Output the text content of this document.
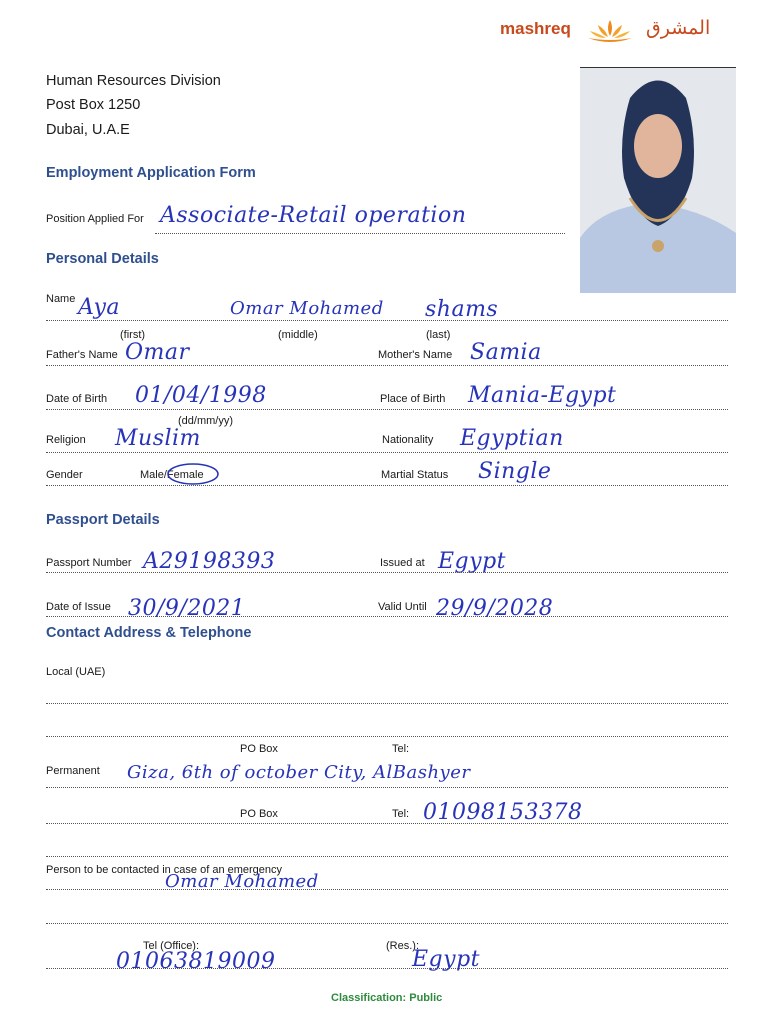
mashreq	المشرق
Human Resources Division
Post Box 1250
Dubai, U.A.E
Employment Application Form
Position Applied For Associate-Retail operation
Personal Details
Name Aya	Omar Mohamed shams
(first)	(middle)	(last)
Father's Name Omar	Mother's Name Samia
Date of Birth 01/04/1998	Place of Birth Mania-Egypt
(dd/mm/yy)
Religion Muslim	Nationality Egyptian
Gender	Male/Female	Martial Status Single
Passport Details
Passport Number A29198393	Issued at Egypt
Date of Issue 30/9/2021	Valid Until 29/9/2028
Contact Address & Telephone
Local (UAE)
PO Box	Tel:
Permanent Giza, 6th of october City, AlBashyer
PO Box	Tel: 01098153378
Person to be contacted in case of an emergency
Omar Mohamed
Tel (Office):	(Res.):
01063819009	Egypt
Classification: Public
